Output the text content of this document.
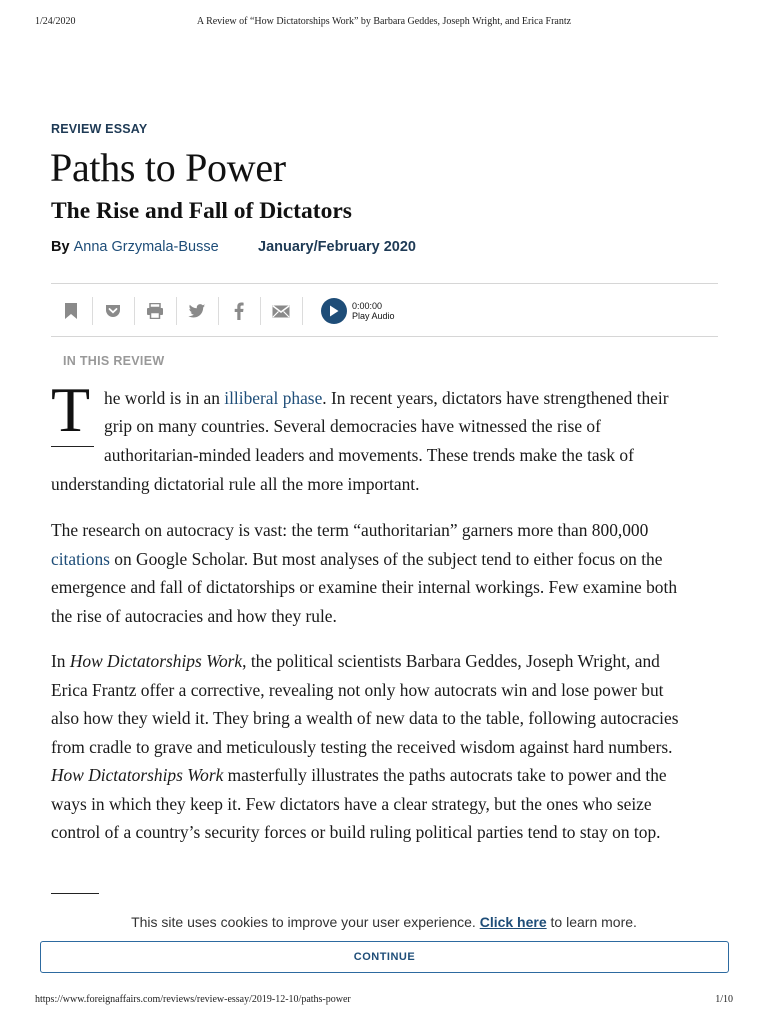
1/24/2020	A Review of “How Dictatorships Work” by Barbara Geddes, Joseph Wright, and Erica Frantz
REVIEW ESSAY
Paths to Power
The Rise and Fall of Dictators
By Anna Grzymala-Busse	January/February 2020
0:00:00
Play Audio
IN THIS REVIEW
T he world is in an illiberal phase. In recent years, dictators have strengthened their
grip on many countries. Several democracies have witnessed the rise of
authoritarian-minded leaders and movements. These trends make the task of
understanding dictatorial rule all the more important.
The research on autocracy is vast: the term “authoritarian” garners more than 800,000
citations on Google Scholar. But most analyses of the subject tend to either focus on the
emergence and fall of dictatorships or examine their internal workings. Few examine both
the rise of autocracies and how they rule.
In How Dictatorships Work, the political scientists Barbara Geddes, Joseph Wright, and
Erica Frantz offer a corrective, revealing not only how autocrats win and lose power but
also how they wield it. They bring a wealth of new data to the table, following autocracies
from cradle to grave and meticulously testing the received wisdom against hard numbers.
How Dictatorships Work masterfully illustrates the paths autocrats take to power and the
ways in which they keep it. Few dictators have a clear strategy, but the ones who seize
control of a country’s security forces or build ruling political parties tend to stay on top.
This site uses cookies to improve your user experience. Click here to learn more.
CONTINUE
https://www.foreignaffairs.com/reviews/review-essay/2019-12-10/paths-power	1/10
